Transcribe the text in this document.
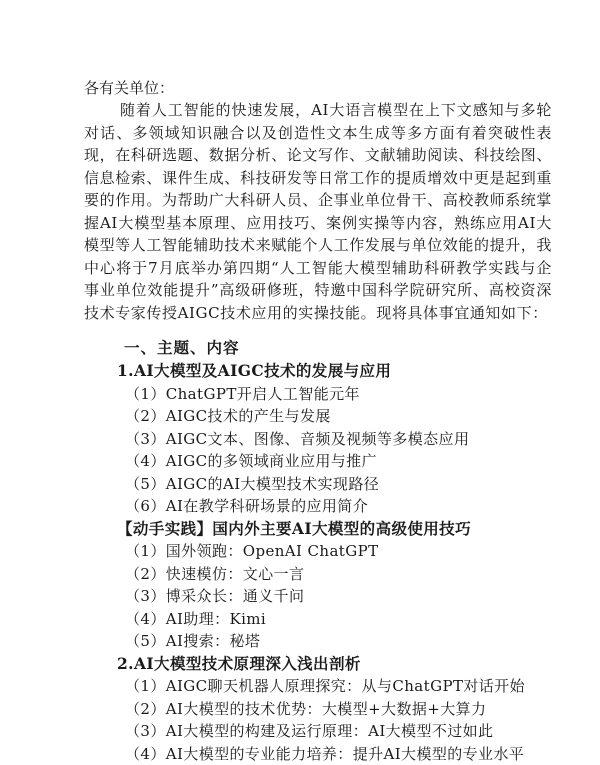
各有关单位：
随着人工智能的快速发展，AI大语言模型在上下文感知与多轮对话、多领域知识融合以及创造性文本生成等多方面有着突破性表现，在科研选题、数据分析、论文写作、文献辅助阅读、科技绘图、信息检索、课件生成、科技研发等日常工作的提质增效中更是起到重要的作用。为帮助广大科研人员、企事业单位骨干、高校教师系统掌握AI大模型基本原理、应用技巧、案例实操等内容，熟练应用AI大模型等人工智能辅助技术来赋能个人工作发展与单位效能的提升，我中心将于7月底举办第四期“人工智能大模型辅助科研教学实践与企事业单位效能提升”高级研修班，特邀中国科学院研究所、高校资深技术专家传授AIGC技术应用的实操技能。现将具体事宜通知如下：
一、主题、内容
1.AI大模型及AIGC技术的发展与应用
（1）ChatGPT开启人工智能元年
（2）AIGC技术的产生与发展
（3）AIGC文本、图像、音频及视频等多模态应用
（4）AIGC的多领域商业应用与推广
（5）AIGC的AI大模型技术实现路径
（6）AI在教学科研场景的应用简介
【动手实践】国内外主要AI大模型的高级使用技巧
（1）国外领跑：OpenAI ChatGPT
（2）快速模仿：文心一言
（3）博采众长：通义千问
（4）AI助理：Kimi
（5）AI搜索：秘塔
2.AI大模型技术原理深入浅出剖析
（1）AIGC聊天机器人原理探究：从与ChatGPT对话开始
（2）AI大模型的技术优势：大模型+大数据+大算力
（3）AI大模型的构建及运行原理：AI大模型不过如此
（4）AI大模型的专业能力培养：提升AI大模型的专业水平
